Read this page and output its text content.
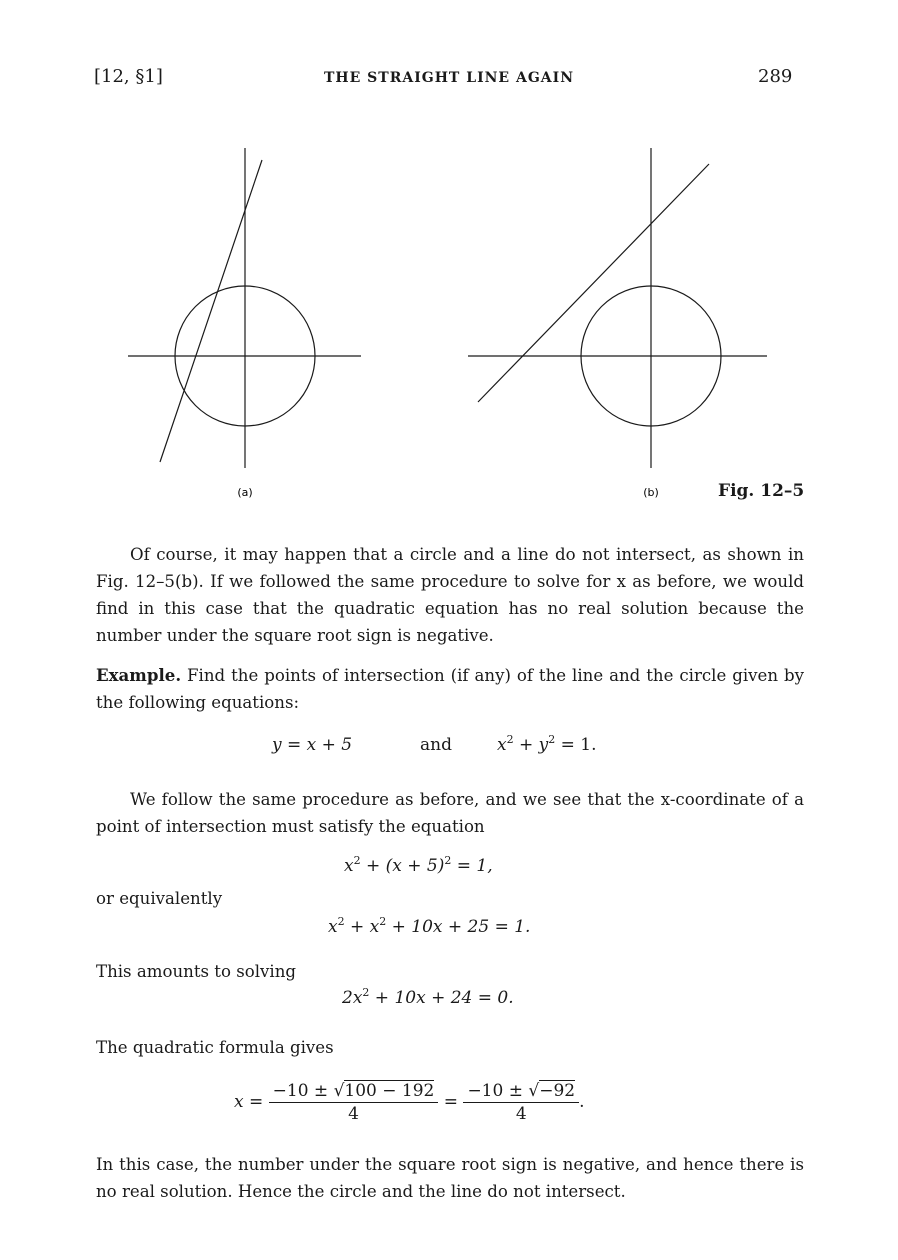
[12, §1]	THE STRAIGHT LINE AGAIN	289
(a)	(b)	Fig. 12–5
Of course, it may happen that a circle and a line do not intersect, as shown in Fig. 12–5(b). If we followed the same procedure to solve for x as before, we would find in this case that the quadratic equation has no real solution because the number under the square root sign is negative.
Example. Find the points of intersection (if any) of the line and the circle given by the following equations:
y = x + 5	and	$x^2 + y^2 = 1$.
We follow the same procedure as before, and we see that the x-coordinate of a point of intersection must satisfy the equation
$x^2 + (x + 5)^2 = 1$,
or equivalently
$x^2 + x^2 + 10x + 25 = 1$.
This amounts to solving
$2x^2 + 10x + 24 = 0$.
The quadratic formula gives
$x = \frac{-10 \pm √100 - 192}{4} = \frac{-10 \pm √-92}{4}$ .
In this case, the number under the square root sign is negative, and hence there is no real solution. Hence the circle and the line do not intersect.
